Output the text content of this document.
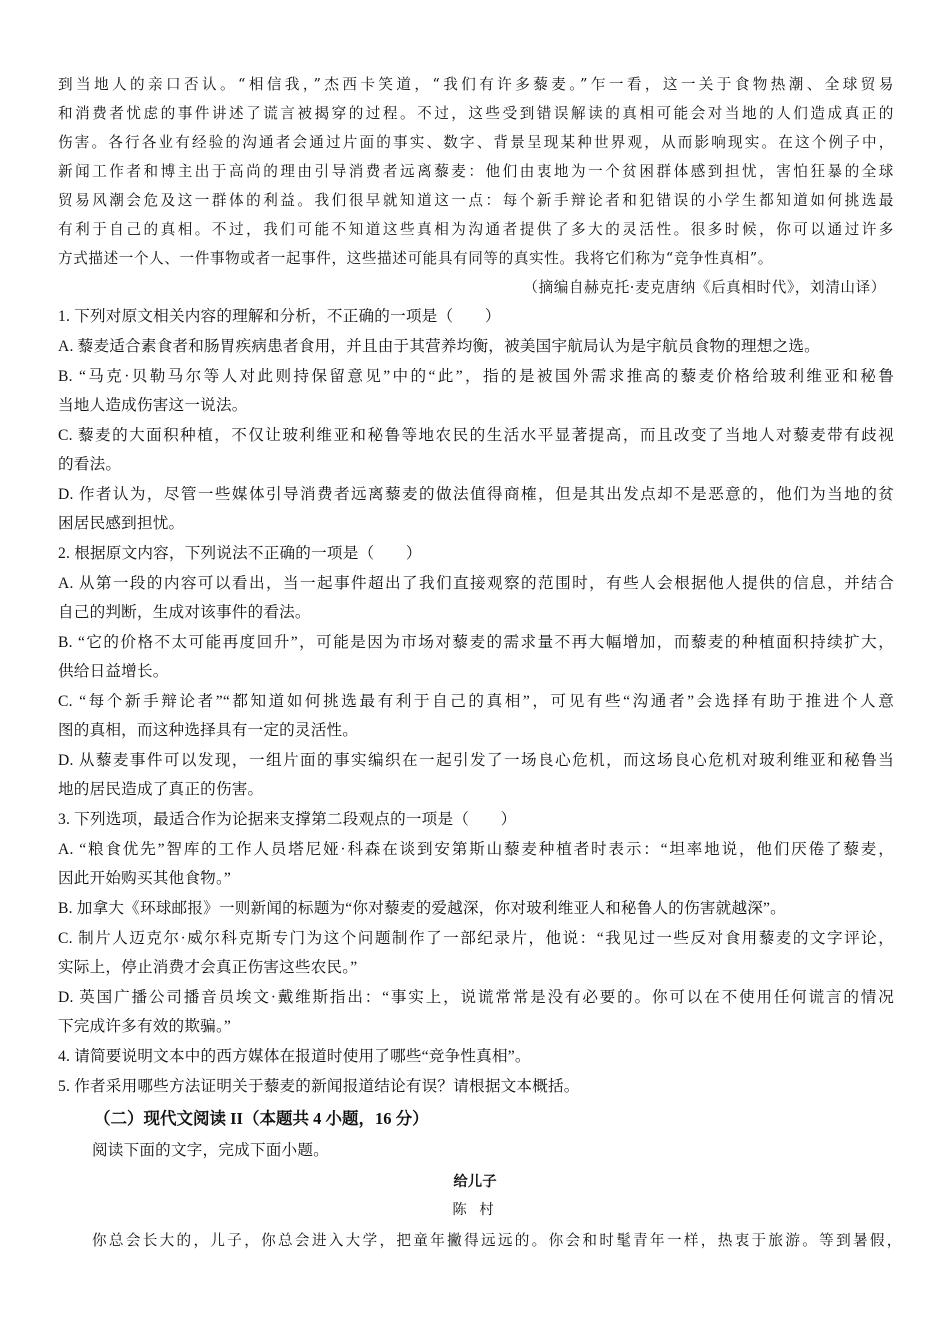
到当地人的亲口否认。“相信我，”杰西卡笑道，“我们有许多藜麦。”乍一看，这一关于食物热潮、全球贸易
和消费者忧虑的事件讲述了谎言被揭穿的过程。不过，这些受到错误解读的真相可能会对当地的人们造成真正的
伤害。各行各业有经验的沟通者会通过片面的事实、数字、背景呈现某种世界观，从而影响现实。在这个例子中，
新闻工作者和博主出于高尚的理由引导消费者远离藜麦：他们由衷地为一个贫困群体感到担忧，害怕狂暴的全球
贸易风潮会危及这一群体的利益。我们很早就知道这一点：每个新手辩论者和犯错误的小学生都知道如何挑选最
有利于自己的真相。不过，我们可能不知道这些真相为沟通者提供了多大的灵活性。很多时候，你可以通过许多
方式描述一个人、一件事物或者一起事件，这些描述可能具有同等的真实性。我将它们称为“竞争性真相”。
（摘编自赫克托·麦克唐纳《后真相时代》，刘清山译）
1. 下列对原文相关内容的理解和分析，不正确的一项是（　　）
A. 藜麦适合素食者和肠胃疾病患者食用，并且由于其营养均衡，被美国宇航局认为是宇航员食物的理想之选。
B. “马克·贝勒马尔等人对此则持保留意见”中的“此”，指的是被国外需求推高的藜麦价格给玻利维亚和秘鲁
当地人造成伤害这一说法。
C. 藜麦的大面积种植，不仅让玻利维亚和秘鲁等地农民的生活水平显著提高，而且改变了当地人对藜麦带有歧视
的看法。
D. 作者认为，尽管一些媒体引导消费者远离藜麦的做法值得商榷，但是其出发点却不是恶意的，他们为当地的贫
困居民感到担忧。
2. 根据原文内容，下列说法不正确的一项是（　　）
A. 从第一段的内容可以看出，当一起事件超出了我们直接观察的范围时，有些人会根据他人提供的信息，并结合
自己的判断，生成对该事件的看法。
B. “它的价格不太可能再度回升”，可能是因为市场对藜麦的需求量不再大幅增加，而藜麦的种植面积持续扩大，
供给日益增长。
C. “每个新手辩论者”“都知道如何挑选最有利于自己的真相”，可见有些“沟通者”会选择有助于推进个人意
图的真相，而这种选择具有一定的灵活性。
D. 从藜麦事件可以发现，一组片面的事实编织在一起引发了一场良心危机，而这场良心危机对玻利维亚和秘鲁当
地的居民造成了真正的伤害。
3. 下列选项，最适合作为论据来支撑第二段观点的一项是（　　）
A. “粮食优先”智库的工作人员塔尼娅·科森在谈到安第斯山藜麦种植者时表示：“坦率地说，他们厌倦了藜麦，
因此开始购买其他食物。”
B. 加拿大《环球邮报》一则新闻的标题为“你对藜麦的爱越深，你对玻利维亚人和秘鲁人的伤害就越深”。
C. 制片人迈克尔·威尔科克斯专门为这个问题制作了一部纪录片，他说：“我见过一些反对食用藜麦的文字评论，
实际上，停止消费才会真正伤害这些农民。”
D. 英国广播公司播音员埃文·戴维斯指出：“事实上，说谎常常是没有必要的。你可以在不使用任何谎言的情况
下完成许多有效的欺骗。”
4. 请简要说明文本中的西方媒体在报道时使用了哪些“竞争性真相”。
5. 作者采用哪些方法证明关于藜麦的新闻报道结论有误？请根据文本概括。
（二）现代文阅读 II（本题共 4 小题，16 分）
阅读下面的文字，完成下面小题。
给儿子
陈 村
你总会长大的，儿子，你总会进入大学，把童年撇得远远的。你会和时髦青年一样，热衷于旅游。等到暑假，
